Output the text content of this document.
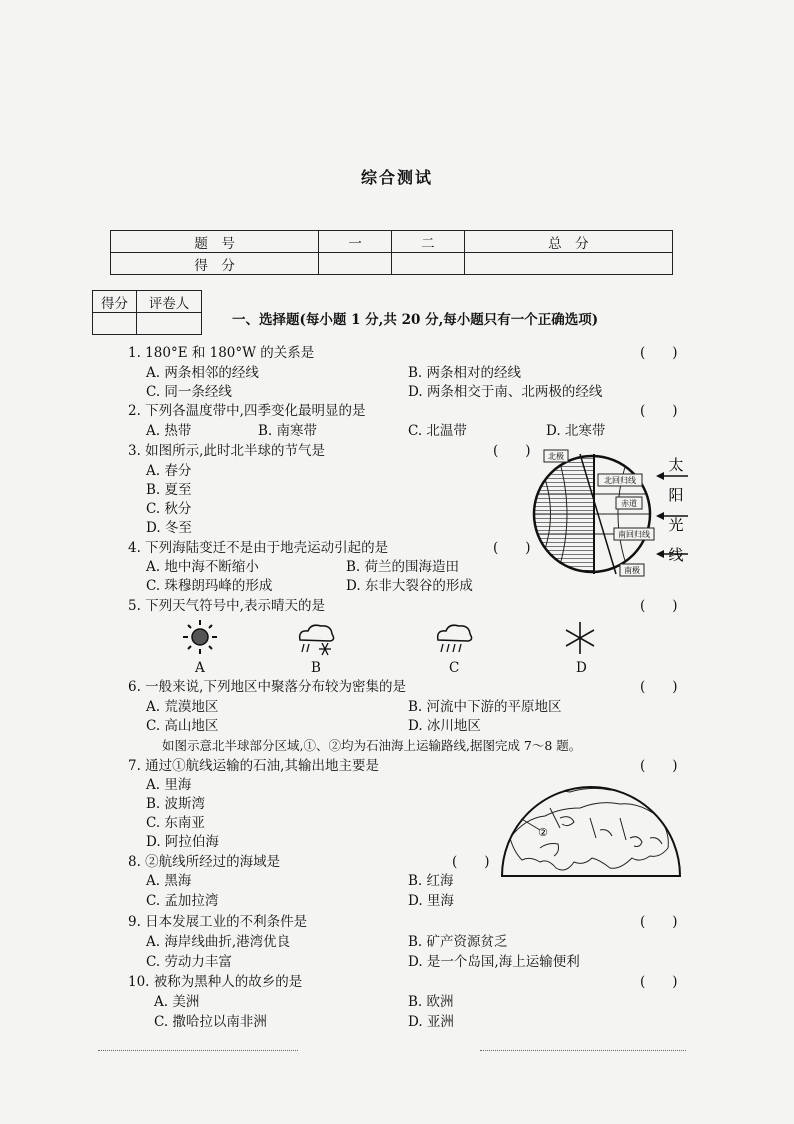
综合测试
题　号	一	二	总　分
得　分			
得分	评卷人

一、选择题(每小题 1 分,共 20 分,每小题只有一个正确选项)
1. 180°E 和 180°W 的关系是	(　　)
A. 两条相邻的经线	B. 两条相对的经线
C. 同一条经线	D. 两条相交于南、北两极的经线
2. 下列各温度带中,四季变化最明显的是	(　　)
A. 热带	B. 南寒带	C. 北温带	D. 北寒带
3. 如图所示,此时北半球的节气是	(　　)
A. 春分
B. 夏至
C. 秋分
D. 冬至
北极
北回归线
赤道
南回归线
南极
太
阳
光
线
4. 下列海陆变迁不是由于地壳运动引起的是	(　　)
A. 地中海不断缩小	B. 荷兰的围海造田
C. 珠穆朗玛峰的形成	D. 东非大裂谷的形成
5. 下列天气符号中,表示晴天的是	(　　)
A	B	C	D
6. 一般来说,下列地区中聚落分布较为密集的是	(　　)
A. 荒漠地区	B. 河流中下游的平原地区
C. 高山地区	D. 冰川地区
如图示意北半球部分区域,①、②均为石油海上运输路线,据图完成 7～8 题。
7. 通过①航线运输的石油,其输出地主要是	(　　)
A. 里海
B. 波斯湾
C. 东南亚
D. 阿拉伯海
②
8. ②航线所经过的海域是	(　　)
A. 黑海	B. 红海
C. 孟加拉湾	D. 里海
9. 日本发展工业的不利条件是	(　　)
A. 海岸线曲折,港湾优良	B. 矿产资源贫乏
C. 劳动力丰富	D. 是一个岛国,海上运输便利
10. 被称为黑种人的故乡的是	(　　)
A. 美洲	B. 欧洲
C. 撒哈拉以南非洲	D. 亚洲
